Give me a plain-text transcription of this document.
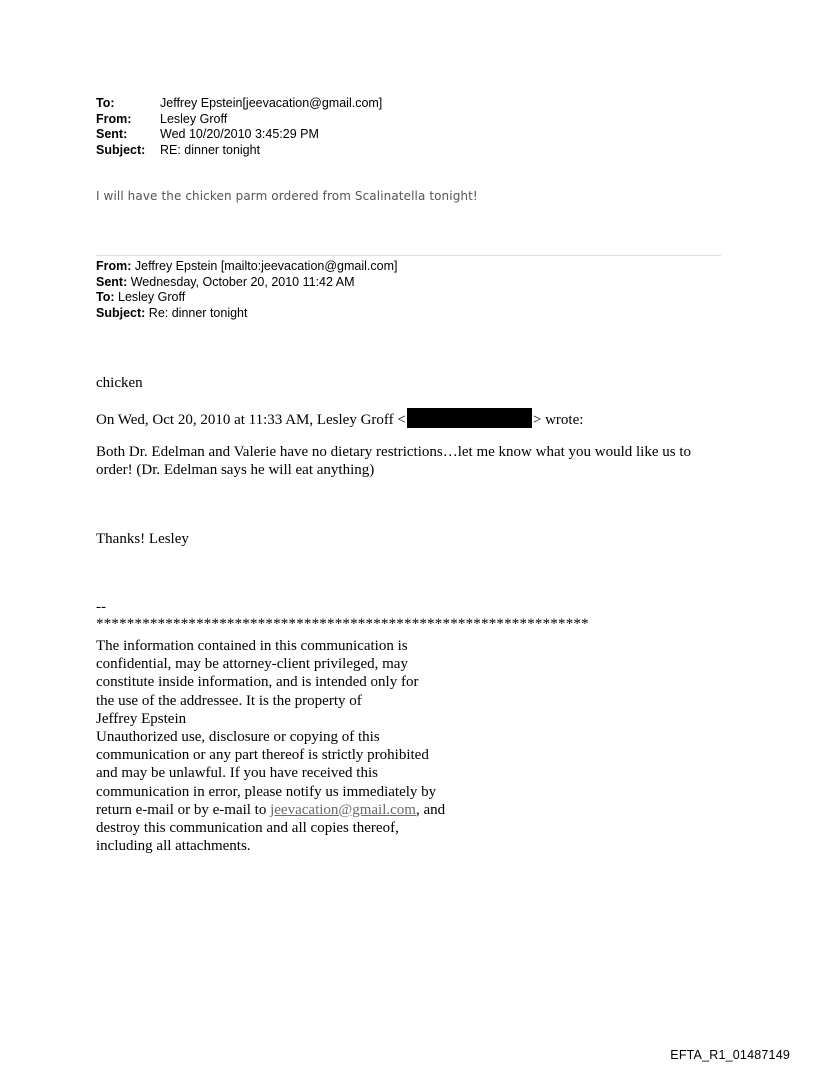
To:	Jeffrey Epstein[jeevacation@gmail.com]
From:	Lesley Groff
Sent:	Wed 10/20/2010 3:45:29 PM
Subject:	RE: dinner tonight
I will have the chicken parm ordered from Scalinatella tonight!
From: Jeffrey Epstein [mailto:jeevacation@gmail.com]
Sent: Wednesday, October 20, 2010 11:42 AM
To: Lesley Groff
Subject: Re: dinner tonight
chicken
On Wed, Oct 20, 2010 at 11:33 AM, Lesley Groff <	> wrote:
Both Dr. Edelman and Valerie have no dietary restrictions…let me know what you would like us to order! (Dr. Edelman says he will eat anything)
Thanks! Lesley
--
****************************************************************
The information contained in this communication is
confidential, may be attorney-client privileged, may
constitute inside information, and is intended only for
the use of the addressee. It is the property of
Jeffrey Epstein
Unauthorized use, disclosure or copying of this
communication or any part thereof is strictly prohibited
and may be unlawful. If you have received this
communication in error, please notify us immediately by
return e-mail or by e-mail to jeevacation@gmail.com, and
destroy this communication and all copies thereof,
including all attachments.
EFTA_R1_01487149
